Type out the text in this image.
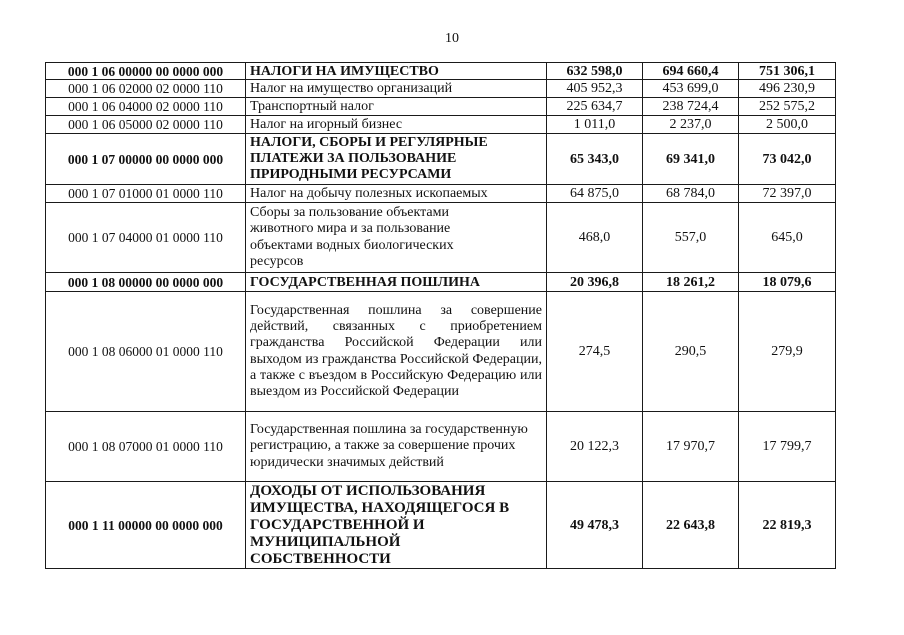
10
000 1 06 00000 00 0000 000	НАЛОГИ НА ИМУЩЕСТВО	632 598,0	694 660,4	751 306,1
000 1 06 02000 02 0000 110	Налог на имущество организаций	405 952,3	453 699,0	496 230,9
000 1 06 04000 02 0000 110	Транспортный налог	225 634,7	238 724,4	252 575,2
000 1 06 05000 02 0000 110	Налог на игорный бизнес	1 011,0	2 237,0	2 500,0
000 1 07 00000 00 0000 000	НАЛОГИ, СБОРЫ И РЕГУЛЯРНЫЕ ПЛАТЕЖИ ЗА ПОЛЬЗОВАНИЕ ПРИРОДНЫМИ РЕСУРСАМИ	65 343,0	69 341,0	73 042,0
000 1 07 01000 01 0000 110	Налог на добычу полезных ископаемых	64 875,0	68 784,0	72 397,0
000 1 07 04000 01 0000 110	Сборы за пользование объектами животного мира и за пользование объектами водных биологических ресурсов	468,0	557,0	645,0
000 1 08 00000 00 0000 000	ГОСУДАРСТВЕННАЯ ПОШЛИНА	20 396,8	18 261,2	18 079,6
000 1 08 06000 01 0000 110	Государственная пошлина за совершение действий, связанных с приобретением гражданства Российской Федерации или выходом из гражданства Российской Федерации, а также с въездом в Российскую Федерацию или выездом из Российской Федерации	274,5	290,5	279,9
000 1 08 07000 01 0000 110	Государственная пошлина за государственную регистрацию, а также за совершение прочих юридически значимых действий	20 122,3	17 970,7	17 799,7
000 1 11 00000 00 0000 000	ДОХОДЫ ОТ ИСПОЛЬЗОВАНИЯ ИМУЩЕСТВА, НАХОДЯЩЕГОСЯ В ГОСУДАРСТВЕННОЙ И МУНИЦИПАЛЬНОЙ СОБСТВЕННОСТИ	49 478,3	22 643,8	22 819,3
